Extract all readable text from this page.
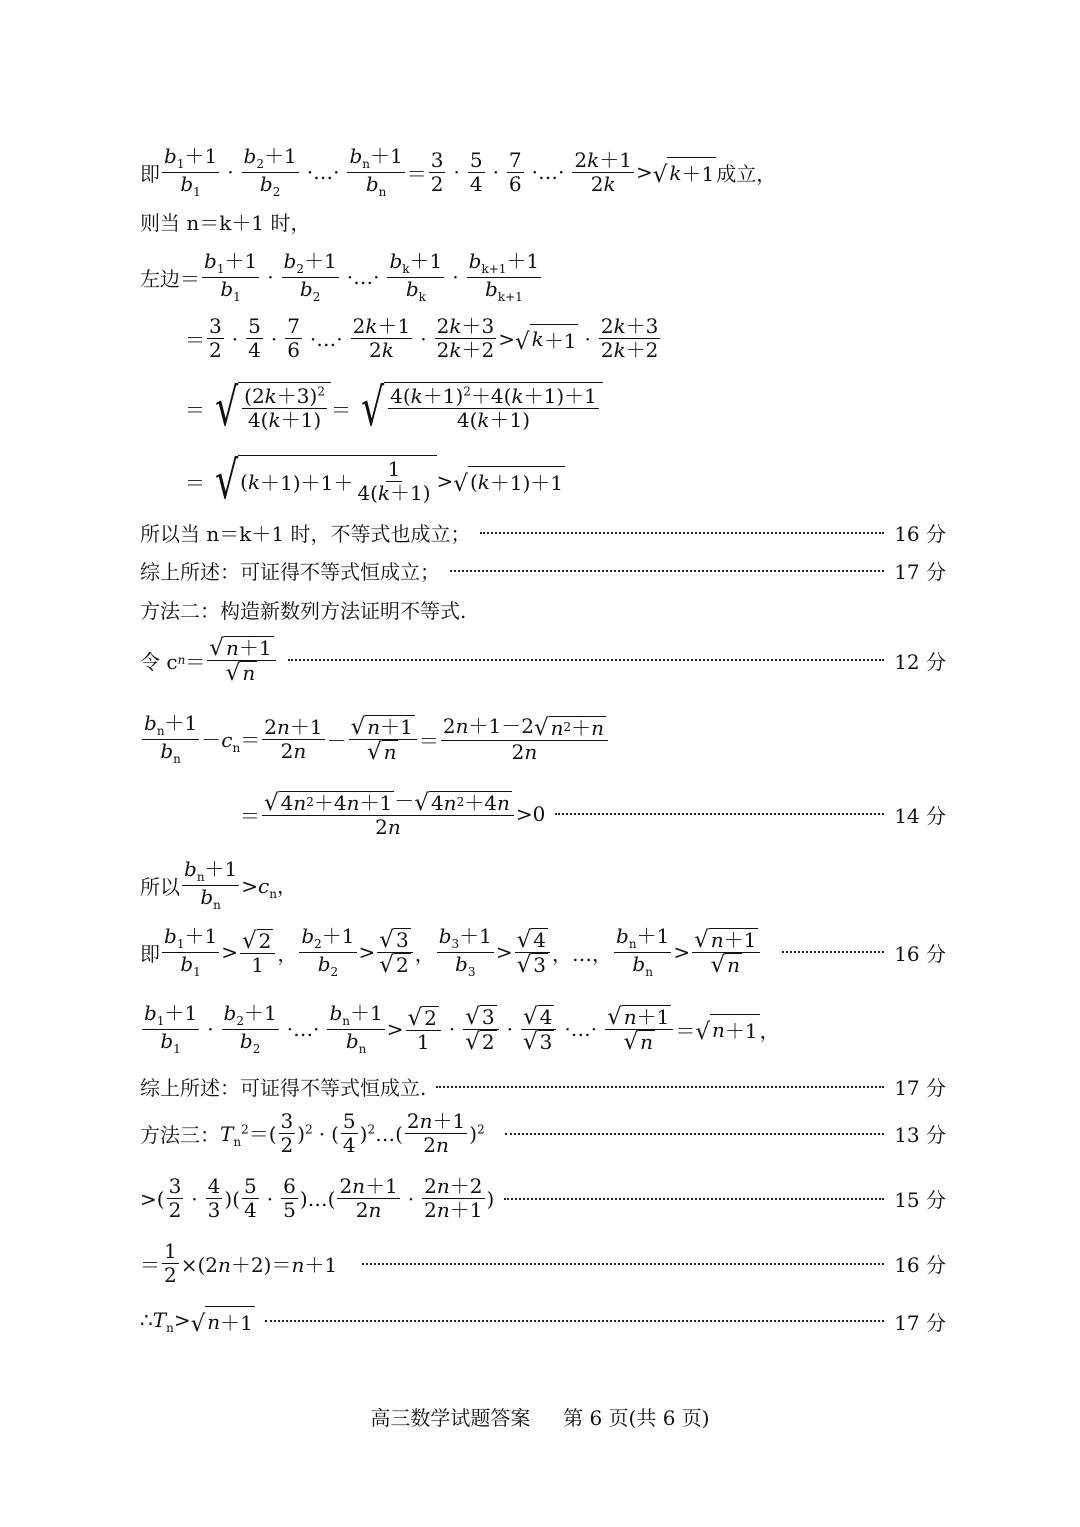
即 $\frac{b_1+1}{b_1} \cdot \frac{b_2+1}{b_2}$ ·…· $\frac{b_n+1}{b_n} = \frac{3}{2} \cdot \frac{5}{4} \cdot \frac{7}{6}$ ·…· $\frac{2k+1}{2k}$ > √ k ＋1 成立，
则当 n＝k＋1 时，
左边＝ $\frac{b_1+1}{b_1} \cdot \frac{b_2+1}{b_2}$ ·…· $\frac{b_k+1}{b_k} \cdot \frac{b_{k+1}+1}{b_{k+1}}$
＝ $\frac{3}{2} \cdot \frac{5}{4} \cdot \frac{7}{6}$ ·…· $\frac{2k+1}{2k} \cdot \frac{2k+3}{2k+2}$ > √ $k +1 \cdot \frac{2k+3}{2k+2}$
＝ √ $\frac{(2k+3)^2}{4(k+1)}$ ＝ √ $\frac{4(k+1)^2+4(k+1)+1}{4(k+1)}$
＝ √ ( $k +1)+1+ \frac{1}{4(k+1)}$ > √ ( k ＋1)＋1
所以当 n＝k＋1 时，不等式也成立；	16 分
综上所述：可证得不等式恒成立；	17 分
方法二：构造新数列方法证明不等式.
令 c $n = \frac{√ n +1}{√ n}$	12 分
$\frac{b_n+1}{b_n} -c_n= \frac{2n+1}{2n} - \frac{√ n +1}{√ n} = \frac{2n+1-2 √ n 2 + n}{2n}$
＝ $\frac{√ 4 n 2 +4 n +1 - √ 4 n 2 +4 n}{2n} >0$	14 分
所以 $\frac{b_n+1}{b_n} >c_n$，
即 $\frac{b_1+1}{b_1} > \frac{√ 2}{1}$ ， $\frac{b_2+1}{b_2} > \frac{√ 3}{√ 2}$ ， $\frac{b_3+1}{b_3} > \frac{√ 4}{√ 3}$ ，…， $\frac{b_n+1}{b_n} > \frac{√ n +1}{√ n}$	16 分
$\frac{b_1+1}{b_1} \cdot \frac{b_2+1}{b_2}$ ·…· $\frac{b_n+1}{b_n} > \frac{√ 2}{1} \cdot \frac{√ 3}{√ 2} \cdot \frac{√ 4}{√ 3}$ ·…· $\frac{√ n +1}{√ n}$ ＝ √ n ＋1 ，
综上所述：可证得不等式恒成立.	17 分
方法三： $T_n^2=( \frac{3}{2} )^2$ · ( $\frac{5}{4}$ )$^2$…( $\frac{2n+1}{2n} )^2$	13 分
>( $\frac{3}{2} \cdot \frac{4}{3}$ )( $\frac{5}{4} \cdot \frac{6}{5}$ )…( $\frac{2n+1}{2n} \cdot \frac{2n+2}{2n+1}$ )	15 分
＝ $\frac{1}{2} \times(2n+2)=n+1$	16 分
$\therefore T_n>$ √ n ＋1	17 分
高三数学试题答案 第 6 页(共 6 页)
